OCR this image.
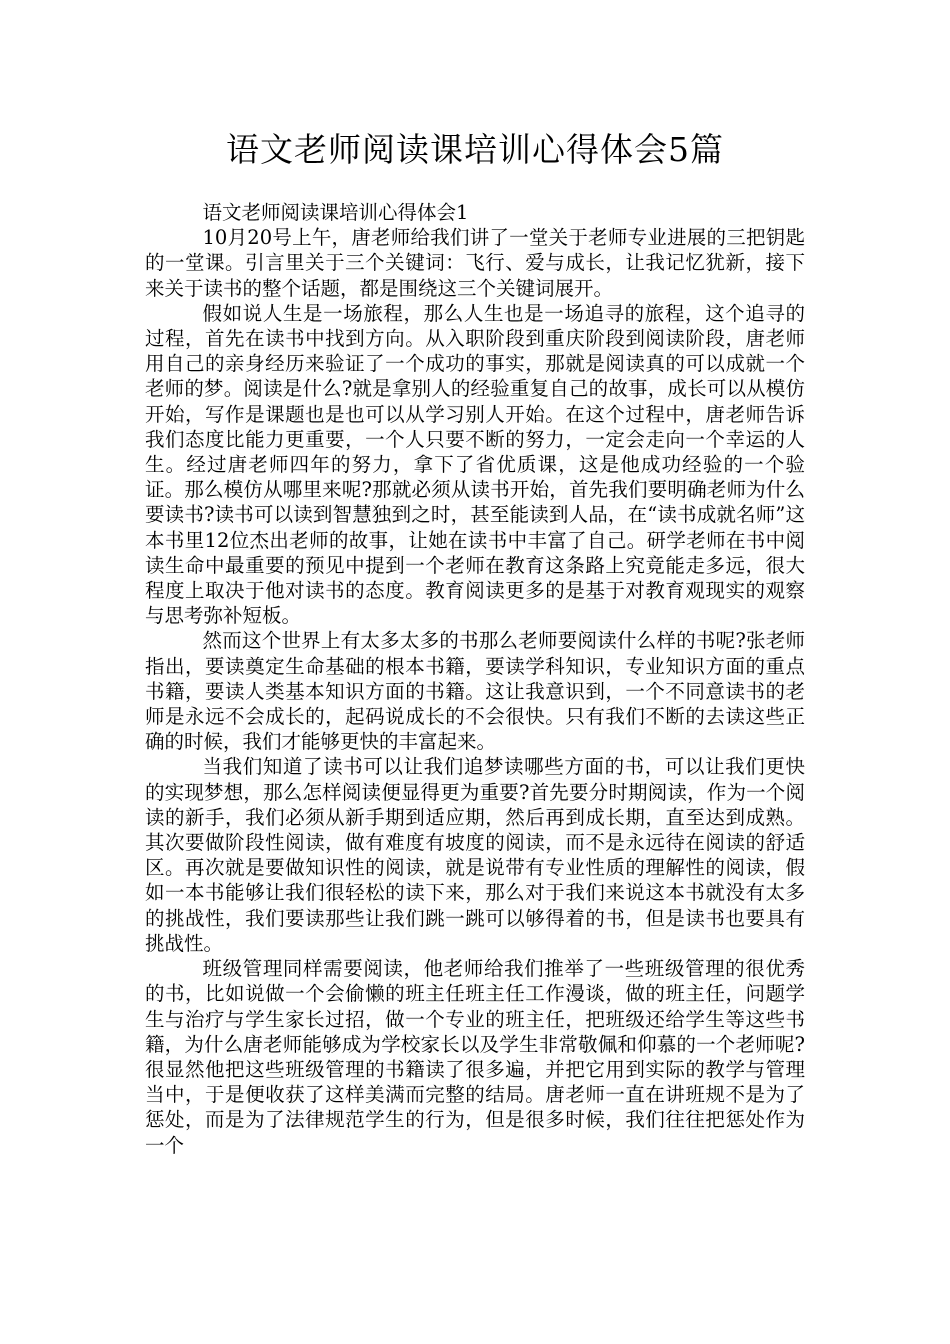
语文老师阅读课培训心得体会5篇

语文老师阅读课培训心得体会1

10月20号上午，唐老师给我们讲了一堂关于老师专业进展的三把钥匙的一堂课。引言里关于三个关键词：飞行、爱与成长，让我记忆犹新，接下来关于读书的整个话题，都是围绕这三个关键词展开。

假如说人生是一场旅程，那么人生也是一场追寻的旅程，这个追寻的过程，首先在读书中找到方向。从入职阶段到重庆阶段到阅读阶段，唐老师用自己的亲身经历来验证了一个成功的事实，那就是阅读真的可以成就一个老师的梦。阅读是什么?就是拿别人的经验重复自己的故事，成长可以从模仿开始，写作是课题也是也可以从学习别人开始。在这个过程中，唐老师告诉我们态度比能力更重要，一个人只要不断的努力，一定会走向一个幸运的人生。经过唐老师四年的努力，拿下了省优质课，这是他成功经验的一个验证。那么模仿从哪里来呢?那就必须从读书开始，首先我们要明确老师为什么要读书?读书可以读到智慧独到之时，甚至能读到人品，在“读书成就名师”这本书里12位杰出老师的故事，让她在读书中丰富了自己。研学老师在书中阅读生命中最重要的预见中提到一个老师在教育这条路上究竟能走多远，很大程度上取决于他对读书的态度。教育阅读更多的是基于对教育观现实的观察与思考弥补短板。

然而这个世界上有太多太多的书那么老师要阅读什么样的书呢?张老师指出，要读奠定生命基础的根本书籍，要读学科知识，专业知识方面的重点书籍，要读人类基本知识方面的书籍。这让我意识到，一个不同意读书的老师是永远不会成长的，起码说成长的不会很快。只有我们不断的去读这些正确的时候，我们才能够更快的丰富起来。

当我们知道了读书可以让我们追梦读哪些方面的书，可以让我们更快的实现梦想，那么怎样阅读便显得更为重要?首先要分时期阅读，作为一个阅读的新手，我们必须从新手期到适应期，然后再到成长期，直至达到成熟。其次要做阶段性阅读，做有难度有坡度的阅读，而不是永远待在阅读的舒适区。再次就是要做知识性的阅读，就是说带有专业性质的理解性的阅读，假如一本书能够让我们很轻松的读下来，那么对于我们来说这本书就没有太多的挑战性，我们要读那些让我们跳一跳可以够得着的书，但是读书也要具有挑战性。

班级管理同样需要阅读，他老师给我们推举了一些班级管理的很优秀的书，比如说做一个会偷懒的班主任班主任工作漫谈，做的班主任，问题学生与治疗与学生家长过招，做一个专业的班主任，把班级还给学生等这些书籍，为什么唐老师能够成为学校家长以及学生非常敬佩和仰慕的一个老师呢?很显然他把这些班级管理的书籍读了很多遍，并把它用到实际的教学与管理当中，于是便收获了这样美满而完整的结局。唐老师一直在讲班规不是为了惩处，而是为了法律规范学生的行为，但是很多时候，我们往往把惩处作为一个
